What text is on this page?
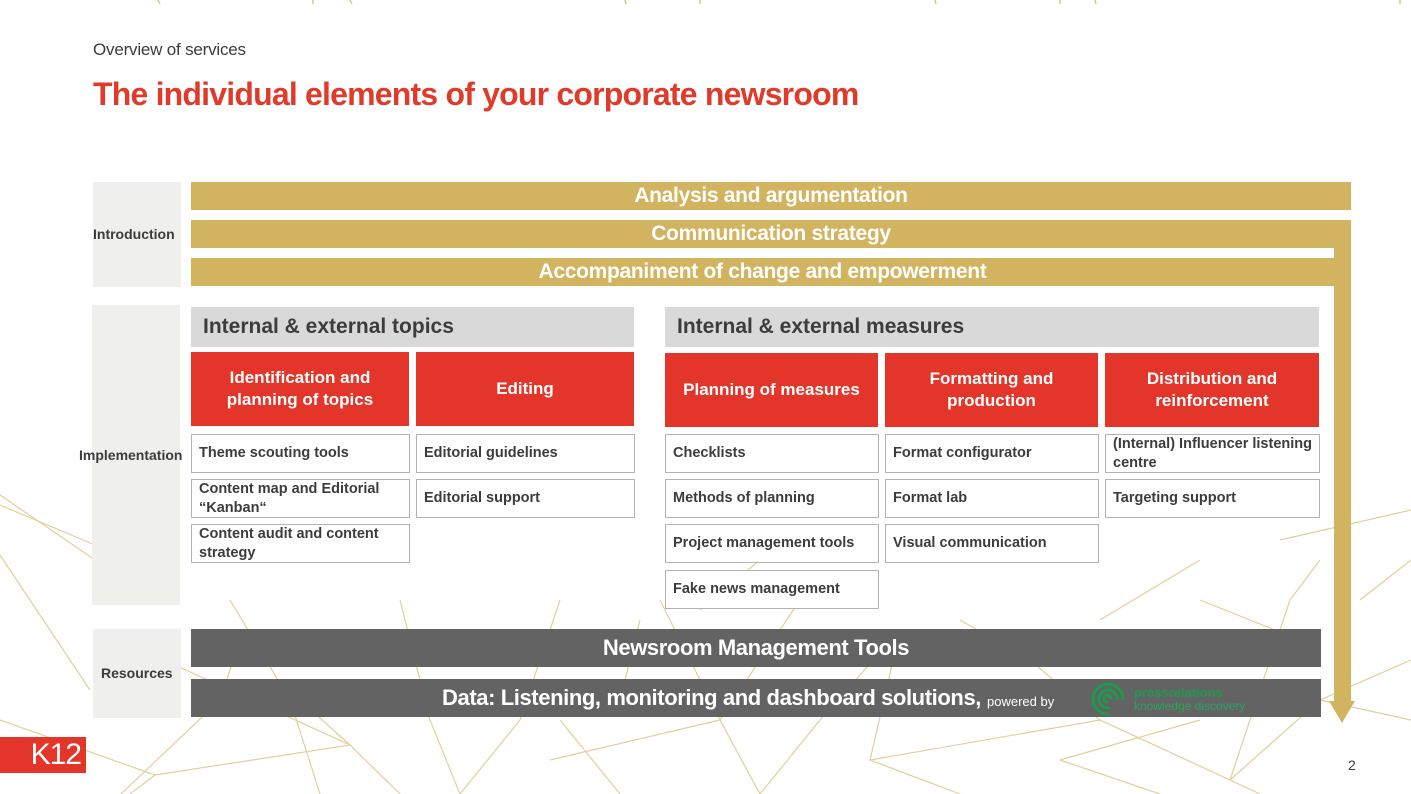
Overview of services
The individual elements of your corporate newsroom
Introduction
Analysis and argumentation
Communication strategy
Accompaniment of change and empowerment
Implementation
Internal & external topics
Identification and planning of topics
Editing
Theme scouting tools
Content map and Editorial “Kanban“
Content audit and content strategy
Editorial guidelines
Editorial support
Internal & external measures
Planning of measures
Formatting and production
Distribution and reinforcement
Checklists
Methods of planning
Project management tools
Fake news management
Format configurator
Format lab
Visual communication
(Internal) Influencer listening centre
Targeting support
Resources
Newsroom Management Tools
Data: Listening, monitoring and dashboard solutions, powered by
pressrelations
knowledge discovery
K12	2
